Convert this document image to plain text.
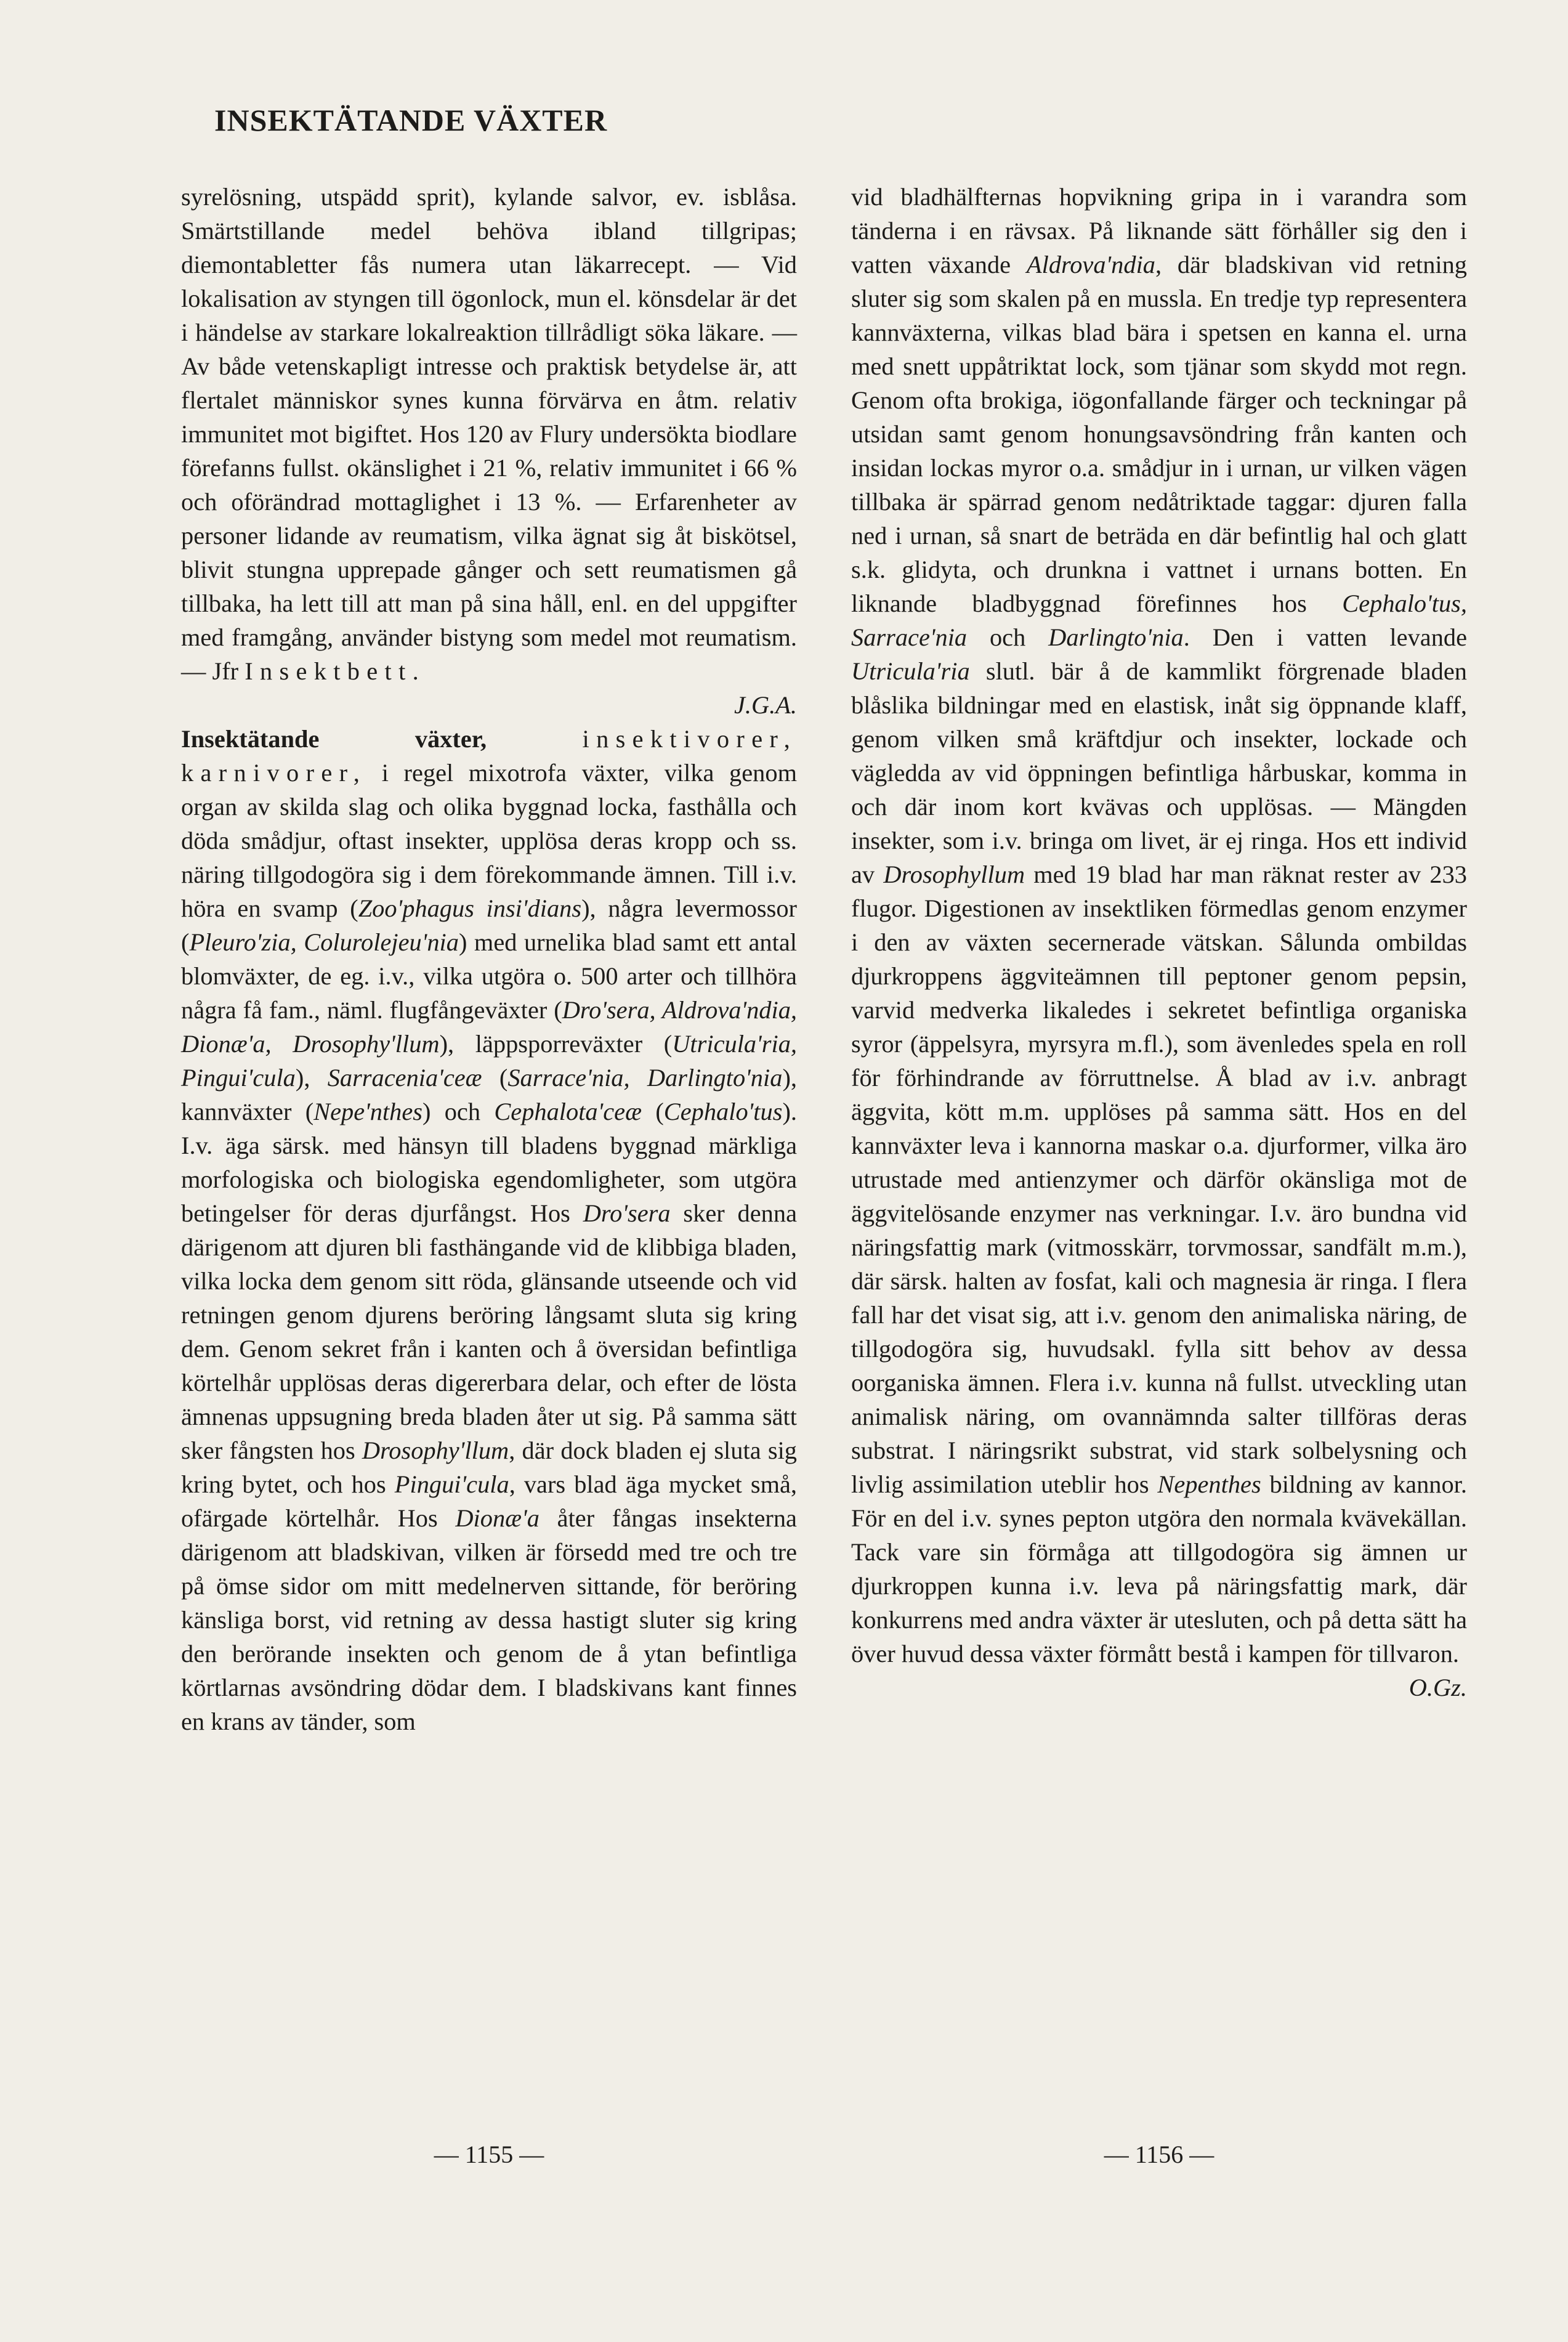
INSEKTÄTANDE VÄXTER

syrelösning, utspädd sprit), kylande salvor, ev. isblåsa. Smärtstillande medel behöva ibland tillgripas; diemontabletter fås numera utan läkarrecept. — Vid lokalisation av styngen till ögonlock, mun el. könsdelar är det i händelse av starkare lokalreaktion tillrådligt söka läkare. — Av både vetenskapligt intresse och praktisk betydelse är, att flertalet människor synes kunna förvärva en åtm. relativ immunitet mot bigiftet. Hos 120 av Flury undersökta biodlare förefanns fullst. okänslighet i 21 %, relativ immunitet i 66 % och oförändrad mottaglighet i 13 %. — Erfarenheter av personer lidande av reumatism, vilka ägnat sig åt biskötsel, blivit stungna upprepade gånger och sett reumatismen gå tillbaka, ha lett till att man på sina håll, enl. en del uppgifter med framgång, använder bistyng som medel mot reumatism. — Jfr Insektbett.
J.G.A.

Insektätande växter,	insektivorer, karnivorer, i regel mixotrofa växter, vilka genom organ av skilda slag och olika byggnad locka, fasthålla och döda smådjur, oftast insekter, upplösa deras kropp och ss. näring tillgodogöra sig i dem förekommande ämnen. Till i.v. höra en svamp (Zoo'phagus insi'dians), några levermossor (Pleuro'zia, Colurolejeu'nia) med urnelika blad samt ett antal blomväxter, de eg. i.v., vilka utgöra o. 500 arter och tillhöra några få fam., näml. flugfångeväxter (Dro'sera, Aldrova'ndia, Dionæ'a, Drosophy'llum), läppsporreväxter (Utricula'ria, Pingui'cula), Sarracenia'ceæ (Sarrace'nia, Darlingto'nia), kannväxter (Nepe'nthes) och Cephalota'ceæ (Cephalo'tus). I.v. äga särsk. med hänsyn till bladens byggnad märkliga morfologiska och biologiska egendomligheter, som utgöra betingelser för deras djurfångst. Hos Dro'sera sker denna därigenom att djuren bli fasthängande vid de klibbiga bladen, vilka locka dem genom sitt röda, glänsande utseende och vid retningen genom djurens beröring långsamt sluta sig kring dem. Genom sekret från i kanten och å översidan befintliga körtelhår upplösas deras digererbara delar, och efter de lösta ämnenas uppsugning breda bladen åter ut sig. På samma sätt sker fångsten hos Drosophy'llum, där dock bladen ej sluta sig kring bytet, och hos Pingui'cula, vars blad äga mycket små, ofärgade körtelhår. Hos Dionæ'a åter fångas insekterna därigenom att bladskivan, vilken är försedd med tre och tre på ömse sidor om mitt medelnerven sittande, för beröring känsliga borst, vid retning av dessa hastigt sluter sig kring den berörande insekten och genom de å ytan befintliga körtlarnas avsöndring dödar dem. I bladskivans kant finnes en krans av tänder, som

vid bladhälfternas hopvikning gripa in i varandra som tänderna i en rävsax. På liknande sätt förhåller sig den i vatten växande Aldrova'ndia, där bladskivan vid retning sluter sig som skalen på en mussla. En tredje typ representera kannväxterna, vilkas blad bära i spetsen en kanna el. urna med snett uppåtriktat lock, som tjänar som skydd mot regn. Genom ofta brokiga, iögonfallande färger och teckningar på utsidan samt genom honungsavsöndring från kanten och insidan lockas myror o.a. smådjur in i urnan, ur vilken vägen tillbaka är spärrad genom nedåtriktade taggar: djuren falla ned i urnan, så snart de beträda en där befintlig hal och glatt s.k. glidyta, och drunkna i vattnet i urnans botten. En liknande bladbyggnad förefinnes hos Cephalo'tus, Sarrace'nia och Darlingto'nia. Den i vatten levande Utricula'ria slutl. bär å de kammlikt förgrenade bladen blåslika bildningar med en elastisk, inåt sig öppnande klaff, genom vilken små kräftdjur och insekter, lockade och vägledda av vid öppningen befintliga hårbuskar, komma in och där inom kort kvävas och upplösas. — Mängden insekter, som i.v. bringa om livet, är ej ringa. Hos ett individ av Drosophyllum med 19 blad har man räknat rester av 233 flugor. Digestionen av insektliken förmedlas genom enzymer i den av växten secernerade vätskan. Sålunda ombildas djurkroppens äggviteämnen till peptoner genom pepsin, varvid medverka likaledes i sekretet befintliga organiska syror (äppelsyra, myrsyra m.fl.), som ävenledes spela en roll för förhindrande av förruttnelse. Å blad av i.v. anbragt äggvita, kött m.m. upplöses på samma sätt. Hos en del kannväxter leva i kannorna maskar o.a. djurformer, vilka äro utrustade med antienzymer och därför okänsliga mot de äggvitelösande enzymer nas verkningar. I.v. äro bundna vid näringsfattig mark (vitmosskärr, torvmossar, sandfält m.m.), där särsk. halten av fosfat, kali och magnesia är ringa. I flera fall har det visat sig, att i.v. genom den animaliska näring, de tillgodogöra sig, huvudsakl. fylla sitt behov av dessa oorganiska ämnen. Flera i.v. kunna nå fullst. utveckling utan animalisk näring, om ovannämnda salter tillföras deras substrat. I näringsrikt substrat, vid stark solbelysning och livlig assimilation uteblir hos Nepenthes bildning av kannor. För en del i.v. synes pepton utgöra den normala kvävekällan. Tack vare sin förmåga att tillgodogöra sig ämnen ur djurkroppen kunna i.v. leva på näringsfattig mark, där konkurrens med andra växter är utesluten, och på detta sätt ha över huvud dessa växter förmått bestå i kampen för tillvaron.
O.Gz.

— 1155 —	— 1156 —
